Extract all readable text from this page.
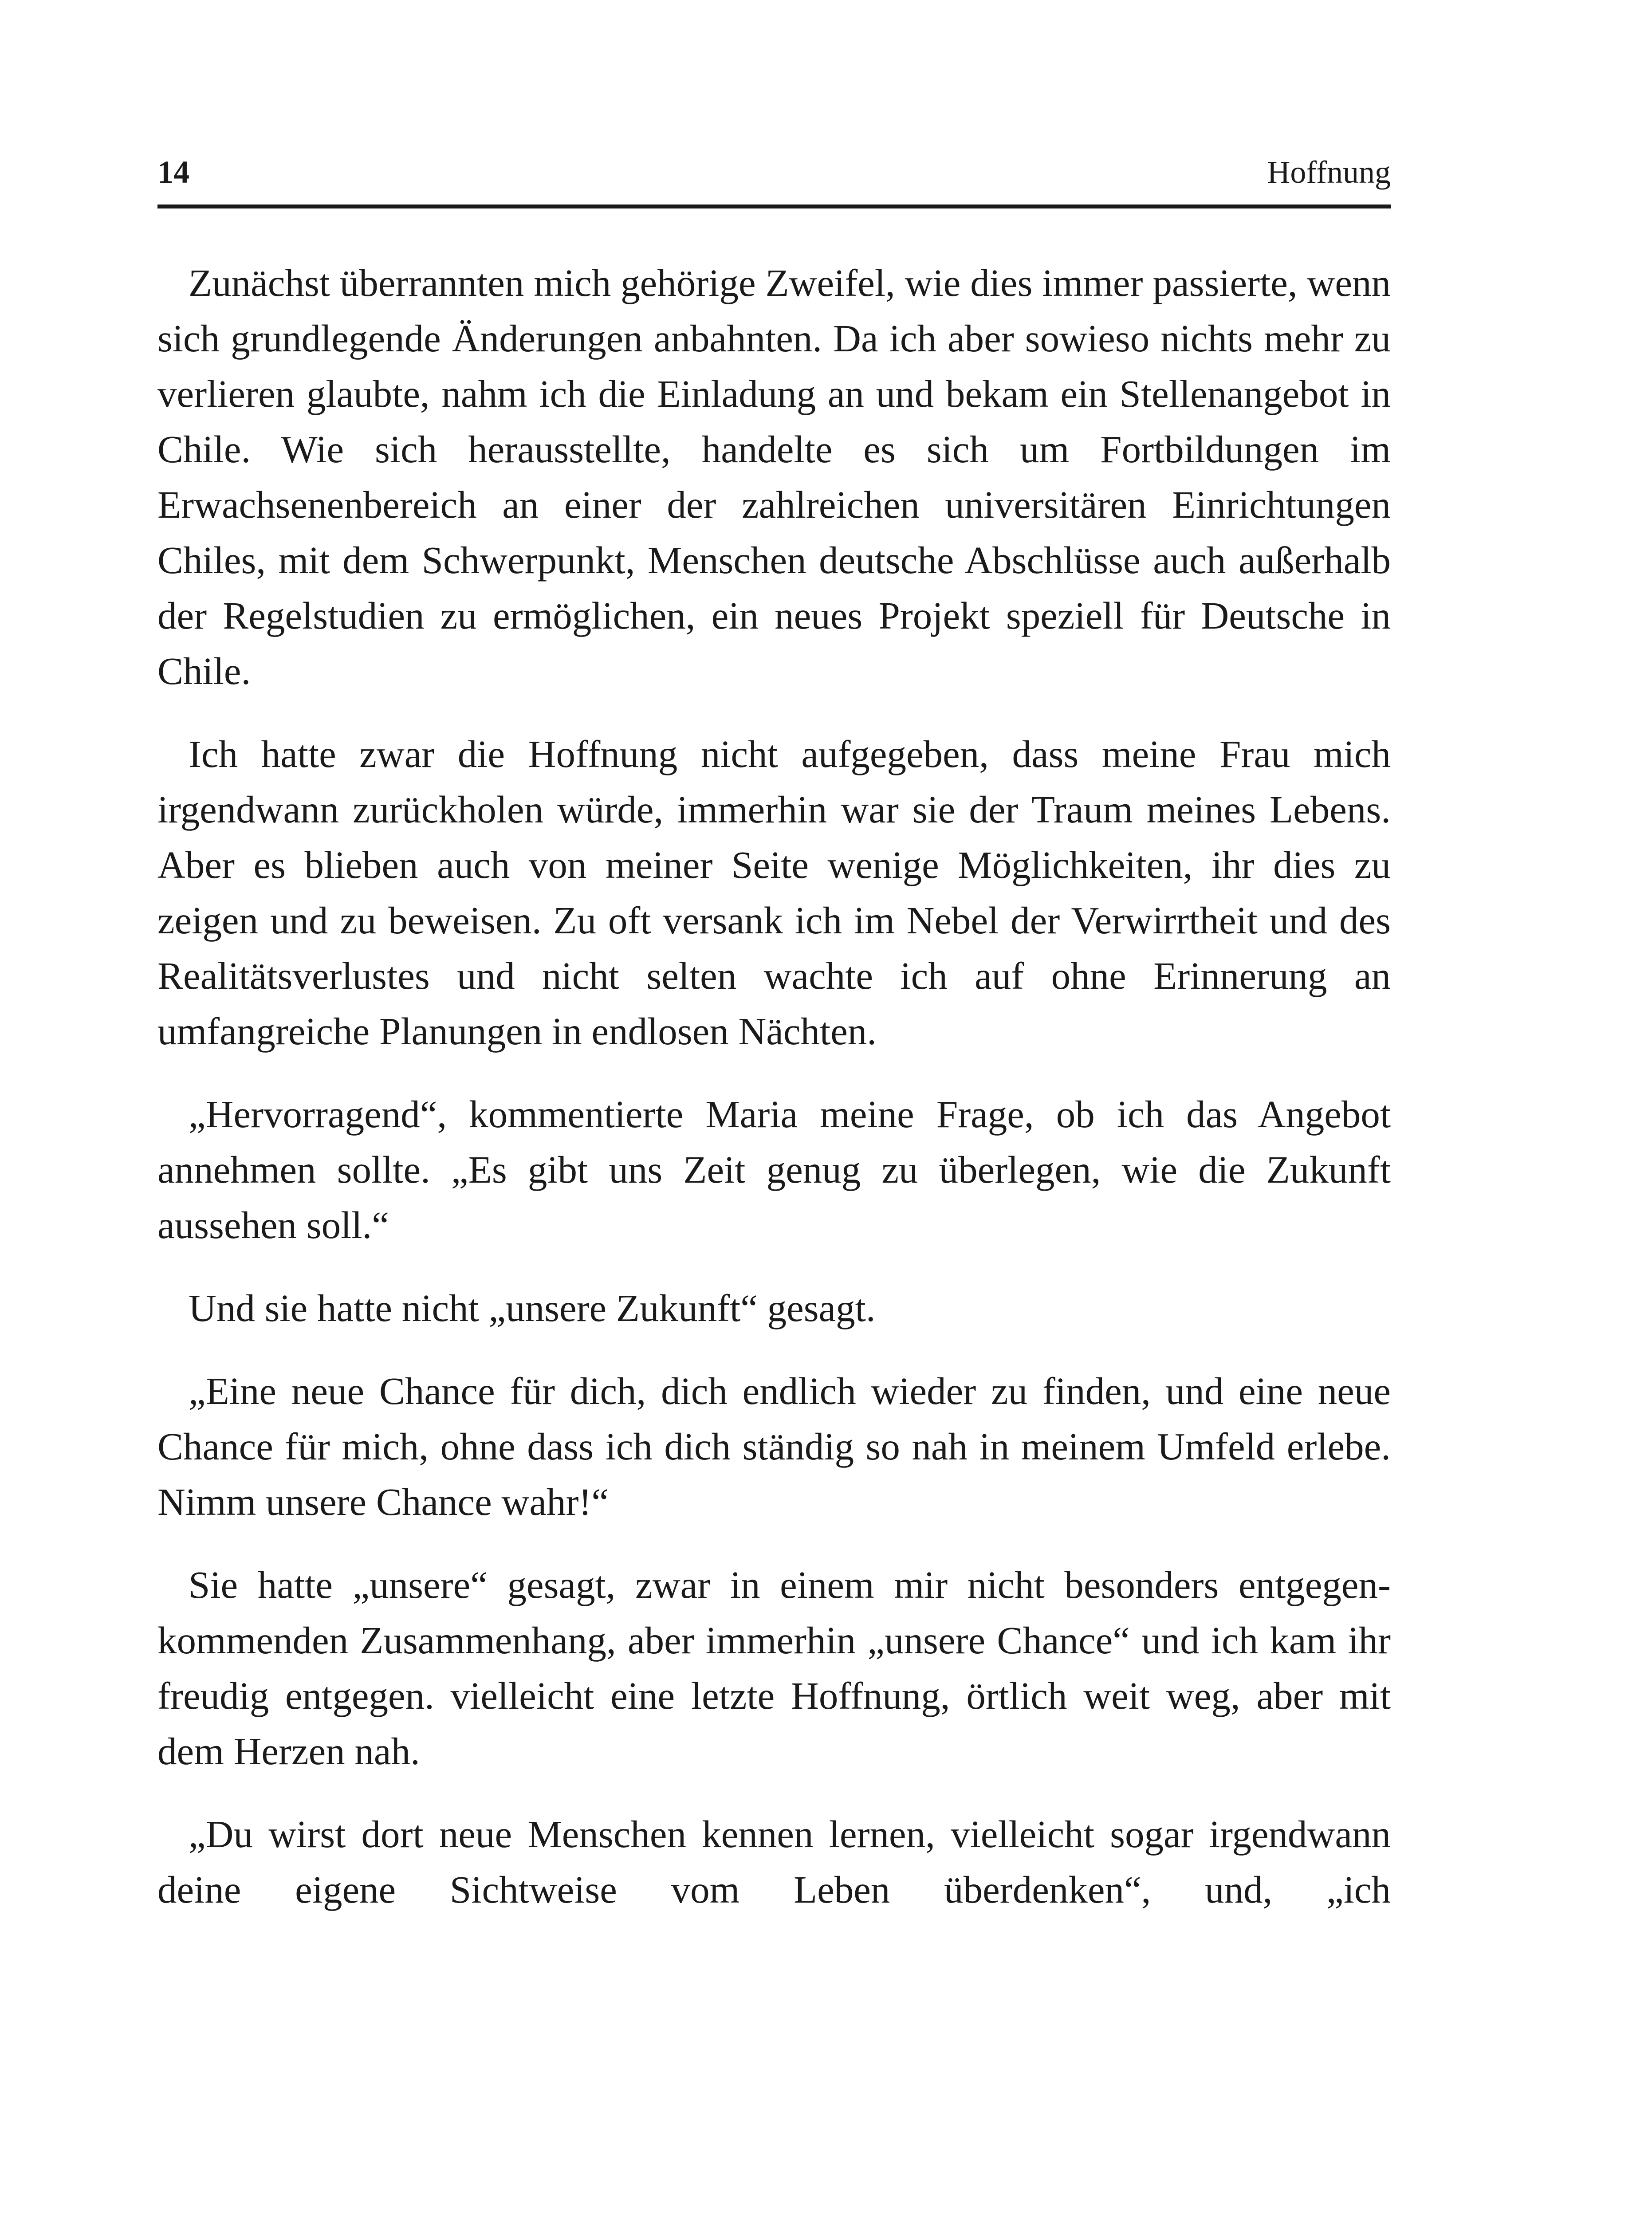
14	Hoffnung

Zunächst überrannten mich gehörige Zweifel, wie dies immer passierte, wenn sich grundlegende Änderungen anbahnten. Da ich aber sowieso nichts mehr zu verlieren glaubte, nahm ich die Einladung an und bekam ein Stellenangebot in Chile. Wie sich herausstellte, handelte es sich um Fortbildungen im Erwachsenenbereich an einer der zahlreichen universitären Einrichtungen Chiles, mit dem Schwerpunkt, Menschen deutsche Abschlüsse auch außerhalb der Regelstudien zu ermöglichen, ein neues Projekt speziell für Deutsche in Chile.

Ich hatte zwar die Hoffnung nicht aufgegeben, dass meine Frau mich irgendwann zurückholen würde, immerhin war sie der Traum meines Lebens. Aber es blieben auch von meiner Seite wenige Möglichkeiten, ihr dies zu zeigen und zu beweisen. Zu oft versank ich im Nebel der Verwirrtheit und des Realitätsverlustes und nicht selten wachte ich auf ohne Erinnerung an umfangreiche Planungen in endlosen Nächten.

„Hervorragend“, kommentierte Maria meine Frage, ob ich das Angebot annehmen sollte. „Es gibt uns Zeit genug zu überlegen, wie die Zukunft aussehen soll.“

Und sie hatte nicht „unsere Zukunft“ gesagt.

„Eine neue Chance für dich, dich endlich wieder zu finden, und eine neue Chance für mich, ohne dass ich dich ständig so nah in meinem Umfeld erlebe. Nimm unsere Chance wahr!“

Sie hatte „unsere“ gesagt, zwar in einem mir nicht besonders entgegenkommenden Zusammenhang, aber immerhin „unsere Chance“ und ich kam ihr freudig entgegen. vielleicht eine letzte Hoffnung, örtlich weit weg, aber mit dem Herzen nah.

„Du wirst dort neue Menschen kennen lernen, vielleicht sogar irgendwann deine eigene Sichtweise vom Leben überdenken“, und, „ich
